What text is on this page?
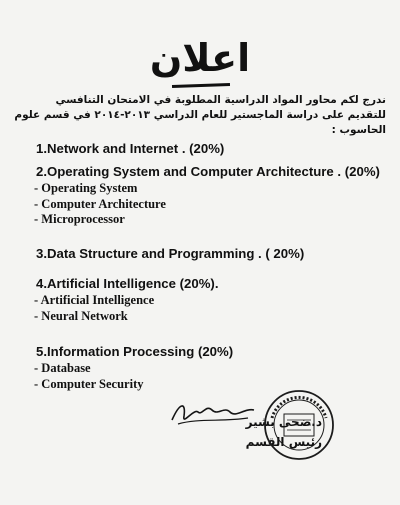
اعلان
ندرج لكم محاور المواد الدراسية المطلوبة في الامتحان التنافسي للتقديم على دراسة الماجستير للعام الدراسي ٢٠١٣-٢٠١٤ في قسم علوم الحاسوب :
1.Network and Internet . (20%)
2.Operating System and Computer Architecture . (20%)
- Operating System
- Computer Architecture
- Microprocessor
3.Data Structure and Programming . ( 20%)
4.Artificial Intelligence (20%).
- Artificial Intelligence
- Neural Network
5.Information Processing (20%)
- Database
- Computer Security
د.ضحى بشير
رئيس القسم
